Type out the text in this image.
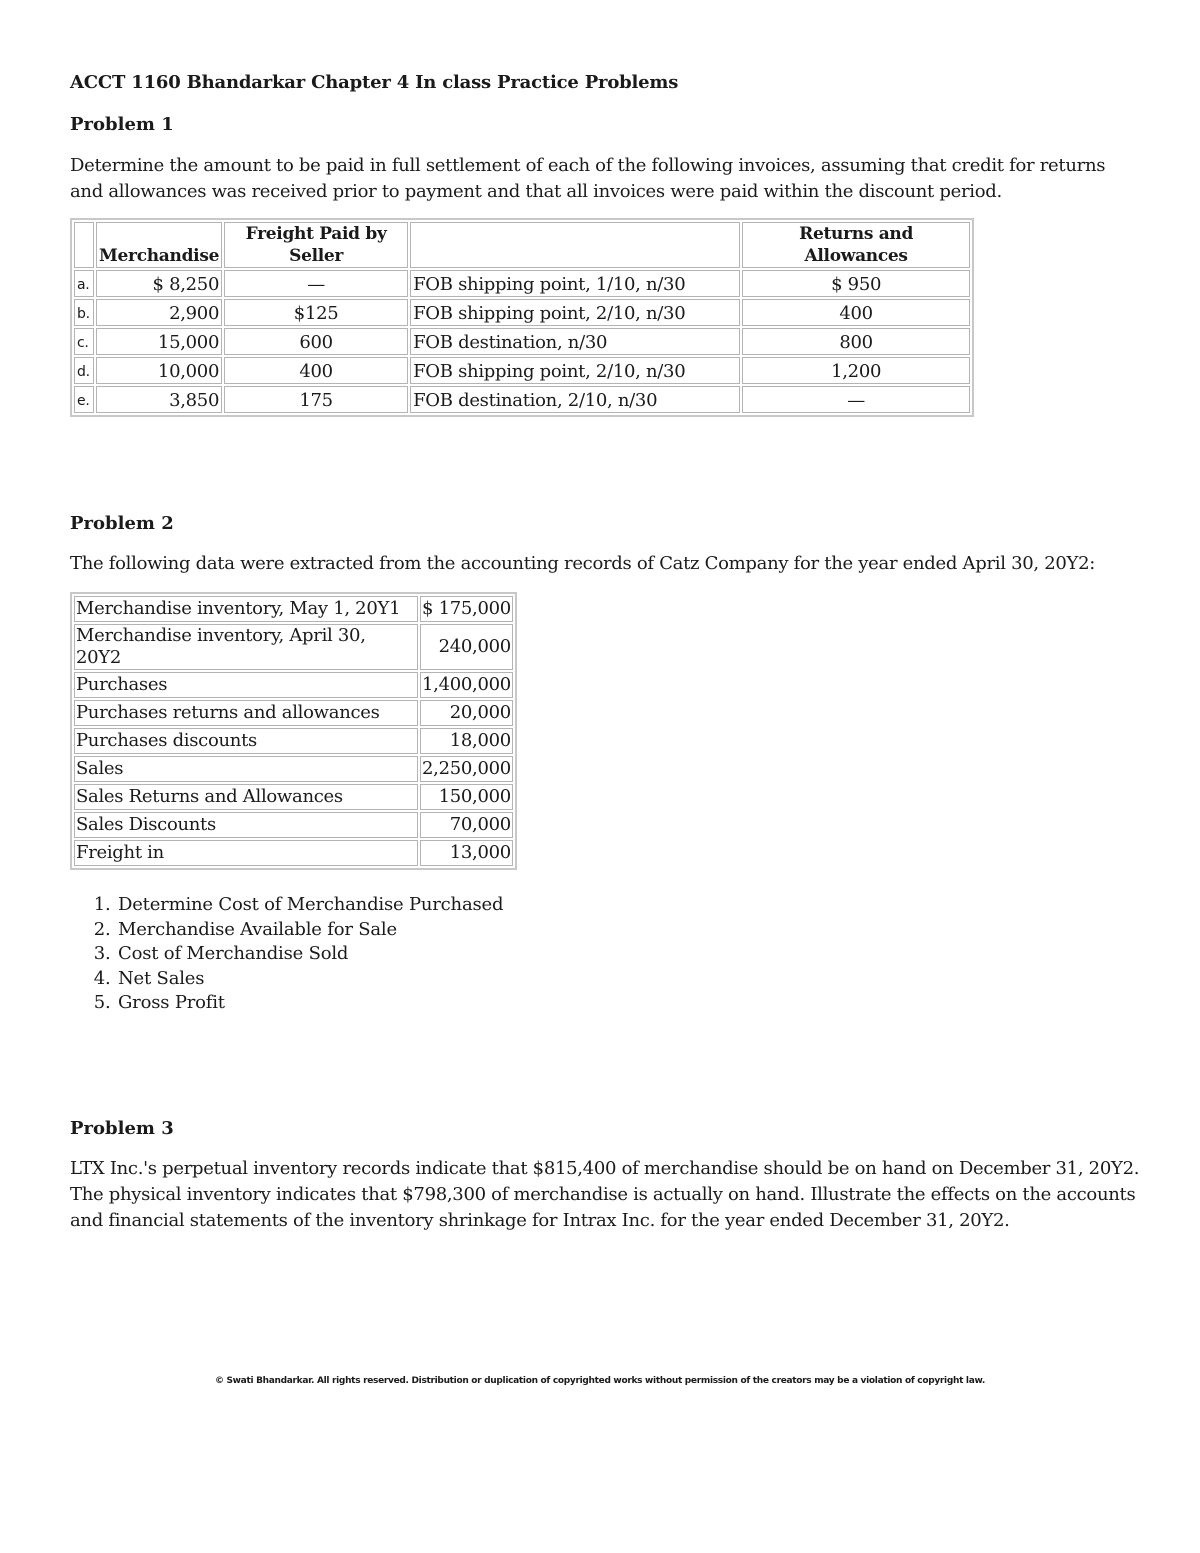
ACCT 1160 Bhandarkar Chapter 4 In class Practice Problems
Problem 1
Determine the amount to be paid in full settlement of each of the following invoices, assuming that credit for returns and allowances was received prior to payment and that all invoices were paid within the discount period.
	Merchandise	Freight Paid by Seller		Returns and Allowances
a.	$ 8,250	—	FOB shipping point, 1/10, n/30	$ 950
b.	2,900	$125	FOB shipping point, 2/10, n/30	400
c.	15,000	600	FOB destination, n/30	800
d.	10,000	400	FOB shipping point, 2/10, n/30	1,200
e.	3,850	175	FOB destination, 2/10, n/30	—
Problem 2
The following data were extracted from the accounting records of Catz Company for the year ended April 30, 20Y2:
Merchandise inventory, May 1, 20Y1	$ 175,000
Merchandise inventory, April 30, 20Y2	240,000
Purchases	1,400,000
Purchases returns and allowances	20,000
Purchases discounts	18,000
Sales	2,250,000
Sales Returns and Allowances	150,000
Sales Discounts	70,000
Freight in	13,000
1. Determine Cost of Merchandise Purchased
2. Merchandise Available for Sale
3. Cost of Merchandise Sold
4. Net Sales
5. Gross Profit
Problem 3
LTX Inc.'s perpetual inventory records indicate that $815,400 of merchandise should be on hand on December 31, 20Y2. The physical inventory indicates that $798,300 of merchandise is actually on hand. Illustrate the effects on the accounts and financial statements of the inventory shrinkage for Intrax Inc. for the year ended December 31, 20Y2.
© Swati Bhandarkar. All rights reserved. Distribution or duplication of copyrighted works without permission of the creators may be a violation of copyright law.
